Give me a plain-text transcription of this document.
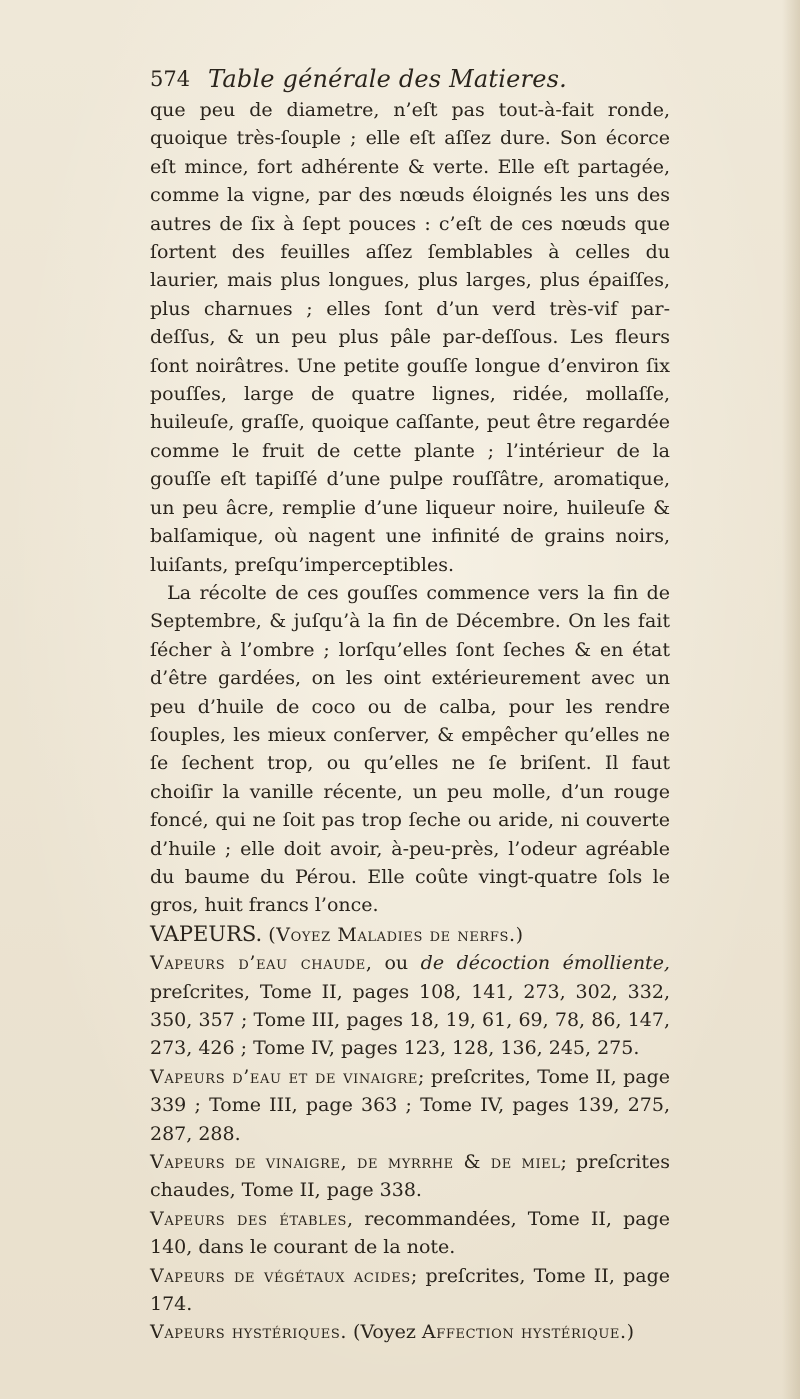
574 Table générale des Matieres.

que peu de diametre, n’eſt pas tout-à-fait ronde, quoique très-ſouple ; elle eſt aſſez dure. Son écorce eſt mince, fort adhérente & verte. Elle eſt partagée, comme la vigne, par des nœuds éloignés les uns des autres de ſix à ſept pouces : c’eſt de ces nœuds que ſortent des feuilles aſſez ſemblables à celles du laurier, mais plus longues, plus larges, plus épaiſſes, plus charnues ; elles ſont d’un verd très-vif par-deſſus, & un peu plus pâle par-deſſous. Les fleurs ſont noirâtres. Une petite gouſſe longue d’environ ſix pouſſes, large de quatre lignes, ridée, mollaſſe, huileuſe, graſſe, quoique caſſante, peut être regardée comme le fruit de cette plante ; l’intérieur de la gouſſe eſt tapiſſé d’une pulpe rouſſâtre, aromatique, un peu âcre, remplie d’une liqueur noire, huileuſe & balſamique, où nagent une infinité de grains noirs, luiſants, preſqu’imperceptibles.

La récolte de ces gouſſes commence vers la fin de Septembre, & juſqu’à la fin de Décembre. On les fait ſécher à l’ombre ; lorſqu’elles ſont ſeches & en état d’être gardées, on les oint extérieurement avec un peu d’huile de coco ou de calba, pour les rendre ſouples, les mieux conſerver, & empêcher qu’elles ne ſe ſechent trop, ou qu’elles ne ſe briſent. Il faut choiſir la vanille récente, un peu molle, d’un rouge foncé, qui ne ſoit pas trop ſeche ou aride, ni couverte d’huile ; elle doit avoir, à-peu-près, l’odeur agréable du baume du Pérou. Elle coûte vingt-quatre ſols le gros, huit francs l’once.

VAPEURS. (Voyez Maladies de nerfs.)

Vapeurs d’eau chaude, ou de décoction émolliente, preſcrites, Tome II, pages 108, 141, 273, 302, 332, 350, 357 ; Tome III, pages 18, 19, 61, 69, 78, 86, 147, 273, 426 ; Tome IV, pages 123, 128, 136, 245, 275.

Vapeurs d’eau et de vinaigre; preſcrites, Tome II, page 339 ; Tome III, page 363 ; Tome IV, pages 139, 275, 287, 288.

Vapeurs de vinaigre, de myrrhe & de miel; preſcrites chaudes, Tome II, page 338.

Vapeurs des étables, recommandées, Tome II, page 140, dans le courant de la note.

Vapeurs de végétaux acides; preſcrites, Tome II, page 174.

Vapeurs hystériques. (Voyez Affection hystérique.)
